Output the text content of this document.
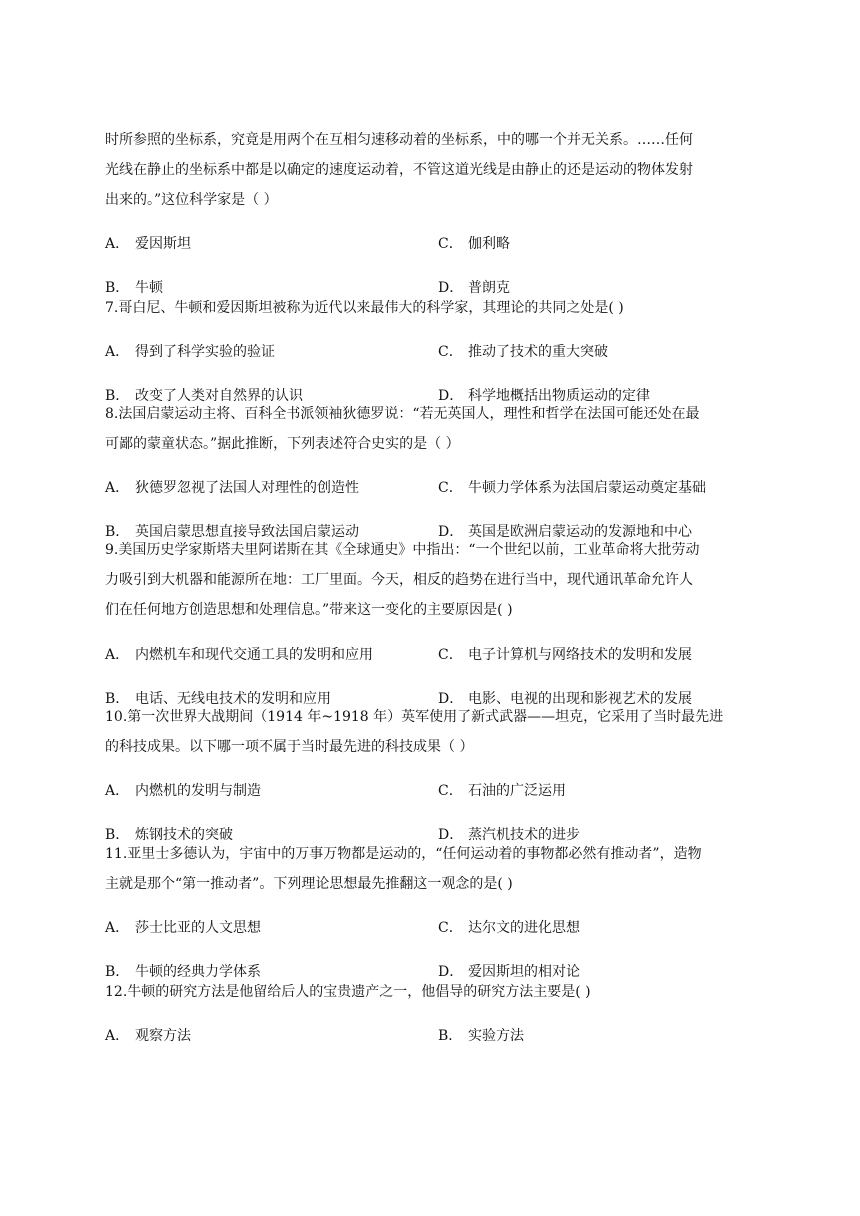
时所参照的坐标系，究竟是用两个在互相匀速移动着的坐标系，中的哪一个并无关系。……任何
光线在静止的坐标系中都是以确定的速度运动着，不管这道光线是由静止的还是运动的物体发射
出来的。”这位科学家是（ ）
A． 爱因斯坦	C． 伽利略
B． 牛顿	D． 普朗克
7.哥白尼、牛顿和爱因斯坦被称为近代以来最伟大的科学家，其理论的共同之处是( )
A． 得到了科学实验的验证	C． 推动了技术的重大突破
B． 改变了人类对自然界的认识	D． 科学地概括出物质运动的定律
8.法国启蒙运动主将、百科全书派领袖狄德罗说：“若无英国人，理性和哲学在法国可能还处在最
可鄙的蒙童状态。”据此推断，下列表述符合史实的是（ ）
A． 狄德罗忽视了法国人对理性的创造性	C． 牛顿力学体系为法国启蒙运动奠定基础
B． 英国启蒙思想直接导致法国启蒙运动	D． 英国是欧洲启蒙运动的发源地和中心
9.美国历史学家斯塔夫里阿诺斯在其《全球通史》中指出：“一个世纪以前，工业革命将大批劳动
力吸引到大机器和能源所在地：工厂里面。今天，相反的趋势在进行当中，现代通讯革命允许人
们在任何地方创造思想和处理信息。”带来这一变化的主要原因是( )
A． 内燃机车和现代交通工具的发明和应用	C． 电子计算机与网络技术的发明和发展
B． 电话、无线电技术的发明和应用	D． 电影、电视的出现和影视艺术的发展
10.第一次世界大战期间（1914 年~1918 年）英军使用了新式武器——坦克，它采用了当时最先进
的科技成果。以下哪一项不属于当时最先进的科技成果（ ）
A． 内燃机的发明与制造	C． 石油的广泛运用
B． 炼钢技术的突破	D． 蒸汽机技术的进步
11.亚里士多德认为，宇宙中的万事万物都是运动的，“任何运动着的事物都必然有推动者”，造物
主就是那个“第一推动者”。下列理论思想最先推翻这一观念的是( )
A． 莎士比亚的人文思想	C． 达尔文的进化思想
B． 牛顿的经典力学体系	D． 爱因斯坦的相对论
12.牛顿的研究方法是他留给后人的宝贵遗产之一，他倡导的研究方法主要是( )
A． 观察方法	B． 实验方法
